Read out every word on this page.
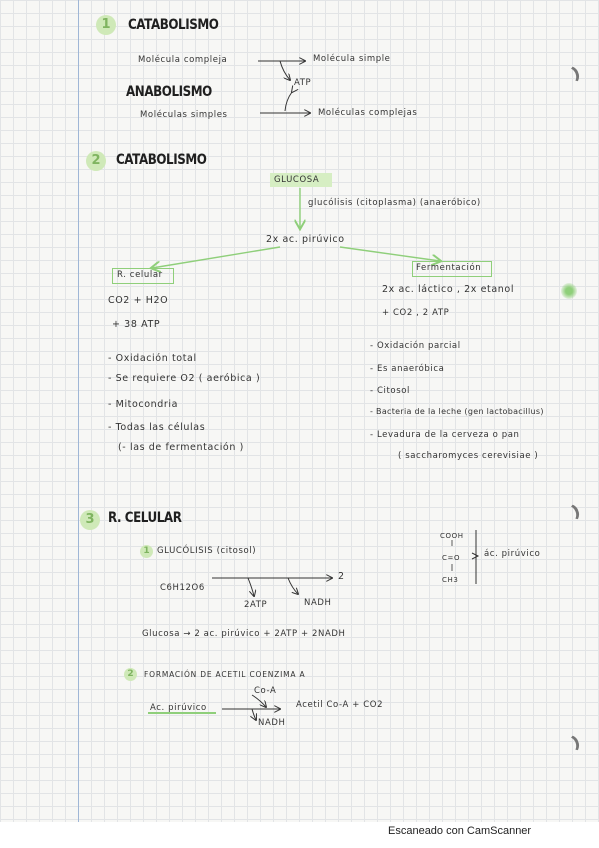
1	CATABOLISMO
Molécula compleja	Molécula simple
ATP
ANABOLISMO
Moléculas simples	Moléculas complejas
2	CATABOLISMO
GLUCOSA
glucólisis (citoplasma) (anaeróbico)
2x ac. pirúvico
R. celular
CO2 + H2O
+ 38 ATP
- Oxidación total
- Se requiere O2 ( aeróbica )
- Mitocondria
- Todas las células
(- las de fermentación )
Fermentación
2x ac. láctico , 2x etanol
+ CO2 , 2 ATP
- Oxidación parcial
- Es anaeróbica
- Citosol
- Bacteria de la leche (gen lactobacillus)
- Levadura de la cerveza o pan
( saccharomyces cerevisiae )
3 R. CELULAR
1 GLUCÓLISIS (citosol)
C6H12O6
2
2ATP	NADH
Glucosa → 2 ac. pirúvico + 2ATP + 2NADH
COOH
C=O
CH3
ác. pirúvico
2	FORMACIÓN DE ACETIL COENZIMA A
Co-A
Ac. pirúvico
NADH
Acetil Co-A + CO2
Escaneado con CamScanner
